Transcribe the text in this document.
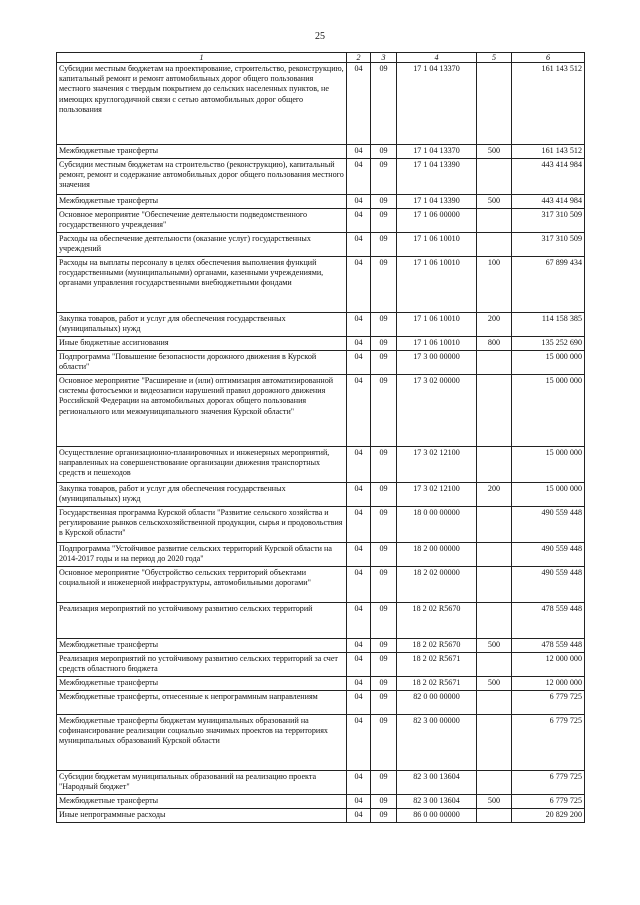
25
1	2	3	4	5	6
Субсидии местным бюджетам на проектирование, строительство, реконструкцию, капитальный ремонт и ремонт автомобильных дорог общего пользования местного значения с твердым покрытием до сельских населенных пунктов, не имеющих круглогодичной связи с сетью автомобильных дорог общего пользования	04	09	17 1 04 13370		161 143 512
Межбюджетные трансферты	04	09	17 1 04 13370	500	161 143 512
Субсидии местным бюджетам на строительство (реконструкцию), капитальный ремонт, ремонт и содержание автомобильных дорог общего пользования местного значения	04	09	17 1 04 13390		443 414 984
Межбюджетные трансферты	04	09	17 1 04 13390	500	443 414 984
Основное мероприятие "Обеспечение деятельности подведомственного государственного учреждения"	04	09	17 1 06 00000		317 310 509
Расходы на обеспечение деятельности (оказание услуг) государственных учреждений	04	09	17 1 06 10010		317 310 509
Расходы на выплаты персоналу в целях обеспечения выполнения функций государственными (муниципальными) органами, казенными учреждениями, органами управления государственными внебюджетными фондами	04	09	17 1 06 10010	100	67 899 434
Закупка товаров, работ и услуг для обеспечения государственных (муниципальных) нужд	04	09	17 1 06 10010	200	114 158 385
Иные бюджетные ассигнования	04	09	17 1 06 10010	800	135 252 690
Подпрограмма "Повышение безопасности дорожного движения в Курской области"	04	09	17 3 00 00000		15 000 000
Основное мероприятие "Расширение и (или) оптимизация автоматизированной системы фотосъемки и видеозаписи нарушений правил дорожного движения Российской Федерации на автомобильных дорогах общего пользования регионального или межмуниципального значения Курской области"	04	09	17 3 02 00000		15 000 000
Осуществление организационно-планировочных и инженерных мероприятий, направленных на совершенствование организации движения транспортных средств и пешеходов	04	09	17 3 02 12100		15 000 000
Закупка товаров, работ и услуг для обеспечения государственных (муниципальных) нужд	04	09	17 3 02 12100	200	15 000 000
Государственная программа Курской области "Развитие сельского хозяйства и регулирование рынков сельскохозяйственной продукции, сырья и продовольствия в Курской области"	04	09	18 0 00 00000		490 559 448
Подпрограмма "Устойчивое развитие сельских территорий Курской области на 2014-2017 годы и на период до 2020 года"	04	09	18 2 00 00000		490 559 448
Основное мероприятие "Обустройство сельских территорий объектами социальной и инженерной инфраструктуры, автомобильными дорогами"	04	09	18 2 02 00000		490 559 448
Реализация мероприятий по устойчивому развитию сельских территорий	04	09	18 2 02 R5670		478 559 448
Межбюджетные трансферты	04	09	18 2 02 R5670	500	478 559 448
Реализация мероприятий по устойчивому развитию сельских территорий за счет средств областного бюджета	04	09	18 2 02 R5671		12 000 000
Межбюджетные трансферты	04	09	18 2 02 R5671	500	12 000 000
Межбюджетные трансферты, отнесенные к непрограммным направлениям	04	09	82 0 00 00000		6 779 725
Межбюджетные трансферты бюджетам муниципальных образований на софинансирование реализации социально значимых проектов на территориях муниципальных образований Курской области	04	09	82 3 00 00000		6 779 725
Субсидии бюджетам муниципальных образований на реализацию проекта "Народный бюджет"	04	09	82 3 00 13604		6 779 725
Межбюджетные трансферты	04	09	82 3 00 13604	500	6 779 725
Иные непрограммные расходы	04	09	86 0 00 00000		20 829 200
